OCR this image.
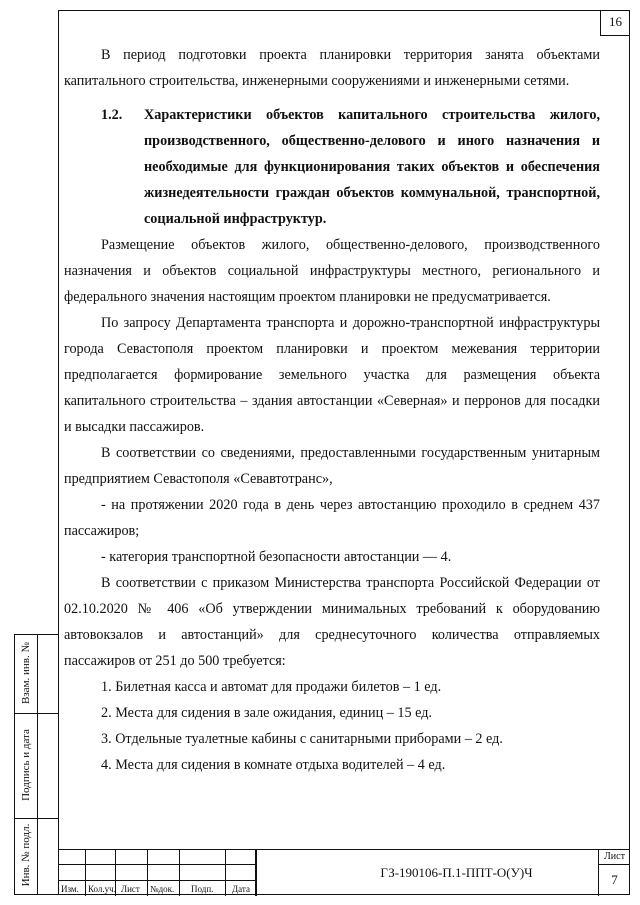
16

В период подготовки проекта планировки территория занята объектами капитального строительства, инженерными сооружениями и инженерными сетями.

1.2. Характеристики объектов капитального строительства жилого, производственного, общественно-делового и иного назначения и необходимые для функционирования таких объектов и обеспечения жизнедеятельности граждан объектов коммунальной, транспортной, социальной инфраструктур.

Размещение объектов жилого, общественно-делового, производственного назначения и объектов социальной инфраструктуры местного, регионального и федерального значения настоящим проектом планировки не предусматривается.

По запросу Департамента транспорта и дорожно-транспортной инфраструктуры города Севастополя проектом планировки и проектом межевания территории предполагается формирование земельного участка для размещения объекта капитального строительства – здания автостанции «Северная» и перронов для посадки и высадки пассажиров.

В соответствии со сведениями, предоставленными государственным унитарным предприятием Севастополя «Севавтотранс»,

- на протяжении 2020 года в день через автостанцию проходило в среднем 437 пассажиров;

- категория транспортной безопасности автостанции — 4.

В соответствии с приказом Министерства транспорта Российской Федерации от 02.10.2020 № 406 «Об утверждении минимальных требований к оборудованию автовокзалов и автостанций» для среднесуточного количества отправляемых пассажиров от 251 до 500 требуется:

1. Билетная касса и автомат для продажи билетов – 1 ед.

2. Места для сидения в зале ожидания, единиц – 15 ед.

3. Отдельные туалетные кабины с санитарными приборами – 2 ед.

4. Места для сидения в комнате отдыха водителей – 4 ед.

Взам. инв. №
Подпись и дата
Инв. № подл.
Изм. Кол.уч. Лист №док. Подп. Дата
ГЗ-190106-П.1-ППТ-О(У)Ч
Лист
7
